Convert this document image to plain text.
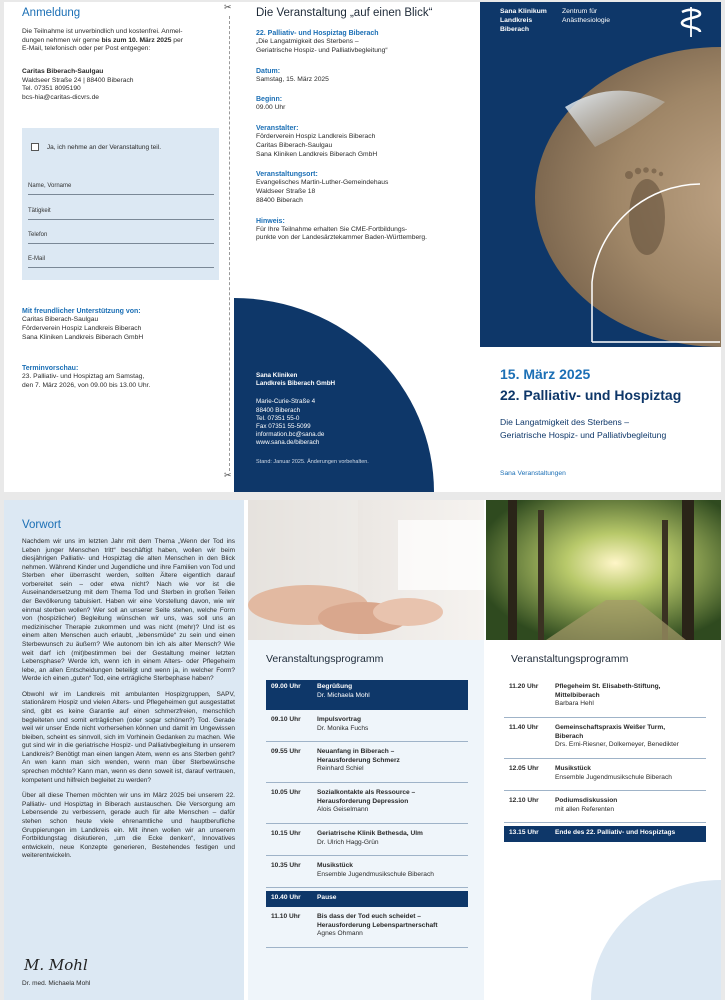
Anmeldung
Die Teilnahme ist unverbindlich und kostenfrei. Anmel-
dungen nehmen wir gerne bis zum 10. März 2025 per
E-Mail, telefonisch oder per Post entgegen:
Caritas Biberach-Saulgau
Waldseer Straße 24 | 88400 Biberach
Tel. 07351 8095190
bcs-hia@caritas-dicvrs.de
Ja, ich nehme an der Veranstaltung teil.
Name, Vorname
Tätigkeit
Telefon
E-Mail
Mit freundlicher Unterstützung von:
Caritas Biberach-Saulgau
Förderverein Hospiz Landkreis Biberach
Sana Kliniken Landkreis Biberach GmbH
Terminvorschau:
23. Palliativ- und Hospiztag am Samstag,
den 7. März 2026, von 09.00 bis 13.00 Uhr.
✂
✂
Die Veranstaltung „auf einen Blick“
22. Palliativ- und Hospiztag Biberach
„Die Langatmigkeit des Sterbens –
Geriatrische Hospiz- und Palliativbegleitung“
Datum:
Samstag, 15. März 2025
Beginn:
09.00 Uhr
Veranstalter:
Förderverein Hospiz Landkreis Biberach
Caritas Biberach-Saulgau
Sana Kliniken Landkreis Biberach GmbH
Veranstaltungsort:
Evangelisches Martin-Luther-Gemeindehaus
Waldseer Straße 18
88400 Biberach
Hinweis:
Für Ihre Teilnahme erhalten Sie CME-Fortbildungs-
punkte von der Landesärztekammer Baden-Württemberg.
Sana Kliniken
Landkreis Biberach GmbH
Marie-Curie-Straße 4
88400 Biberach
Tel. 07351 55-0
Fax 07351 55-5099
information.bc@sana.de
www.sana.de/biberach
Stand: Januar 2025. Änderungen vorbehalten.
Sana Klinikum
Landkreis
Biberach
Zentrum für
Anästhesiologie
15. März 2025
22. Palliativ- und Hospiztag
Die Langatmigkeit des Sterbens –
Geriatrische Hospiz- und Palliativbegleitung
Sana Veranstaltungen
Vorwort

Nachdem wir uns im letzten Jahr mit dem Thema „Wenn der Tod ins Leben junger Menschen tritt“ beschäftigt haben, wollen wir beim diesjährigen Palliativ- und Hospiztag die alten Menschen in den Blick nehmen. Während Kinder und Jugendliche und ihre Familien von Tod und Sterben eher überrascht werden, sollten Ältere eigentlich darauf vorbereitet sein – oder etwa nicht? Nach wie vor ist die Auseinandersetzung mit dem Thema Tod und Sterben in großen Teilen der Bevölkerung tabuisiert. Haben wir eine Vorstellung davon, wie wir einmal sterben wollen? Wer soll an unserer Seite stehen, welche Form von (hospizlicher) Begleitung wünschen wir uns, was soll uns an medizinischer Therapie zukommen und was nicht (mehr)? Und ist es einem alten Menschen auch erlaubt, „lebensmüde“ zu sein und einen Sterbewunsch zu äußern? Wie autonom bin ich als alter Mensch? Wie weit darf ich (mit)bestimmen bei der Gestaltung meiner letzten Lebensphase? Werde ich, wenn ich in einem Alters- oder Pflegeheim lebe, an allen Entscheidungen beteiligt und wenn ja, in welcher Form? Werde ich einen „guten“ Tod, eine erträgliche Sterbephase haben?

Obwohl wir im Landkreis mit ambulanten Hospizgruppen, SAPV, stationärem Hospiz und vielen Alters- und Pflegeheimen gut ausgestattet sind, gibt es keine Garantie auf einen schmerzfreien, menschlich begleiteten und somit erträglichen (oder sogar schönen?) Tod. Gerade weil wir unser Ende nicht vorhersehen können und damit im Ungewissen bleiben, scheint es sinnvoll, sich im Vorhinein Gedanken zu machen. Wie gut sind wir in die geriatrische Hospiz- und Palliativbegleitung in unserem Landkreis? Benötigt man einen langen Atem, wenn es ans Sterben geht? An wen kann man sich wenden, wenn man über Sterbewünsche sprechen möchte? Kann man, wenn es denn soweit ist, darauf vertrauen, kompetent und hilfreich begleitet zu werden?

Über all diese Themen möchten wir uns im März 2025 bei unserem 22. Palliativ- und Hospiztag in Biberach austauschen. Die Versorgung am Lebensende zu verbessern, gerade auch für alte Menschen – dafür stehen schon heute viele ehrenamtliche und hauptberufliche Gruppierungen im Landkreis ein. Mit ihnen wollen wir an unserem Fortbildungstag diskutieren, „um die Ecke denken“, Innovatives entwickeln, neue Konzepte generieren, Bestehendes festigen und weiterentwickeln.

M. Mohl
Dr. med. Michaela Mohl
Veranstaltungsprogramm
09.00 Uhr	Begrüßung
Dr. Michaela Mohl
09.10 Uhr	Impulsvortrag
Dr. Monika Fuchs
09.55 Uhr	Neuanfang in Biberach –
Herausforderung Schmerz
Reinhard Schiel
10.05 Uhr	Sozialkontakte als Ressource –
Herausforderung Depression
Alois Geiselmann
10.15 Uhr	Geriatrische Klinik Bethesda, Ulm
Dr. Ulrich Hagg-Grün
10.35 Uhr	Musikstück
Ensemble Jugendmusikschule Biberach
10.40 Uhr	Pause
11.10 Uhr	Bis dass der Tod euch scheidet –
Herausforderung Lebenspartnerschaft
Agnes Ohmann
Veranstaltungsprogramm
11.20 Uhr	Pflegeheim St. Elisabeth-Stiftung,
Mittelbiberach
Barbara Hehl
11.40 Uhr	Gemeinschaftspraxis Weißer Turm,
Biberach
Drs. Erni-Riesner, Dolkemeyer, Benedikter
12.05 Uhr	Musikstück
Ensemble Jugendmusikschule Biberach
12.10 Uhr	Podiumsdiskussion
mit allen Referenten
13.15 Uhr	Ende des 22. Palliativ- und Hospiztags
